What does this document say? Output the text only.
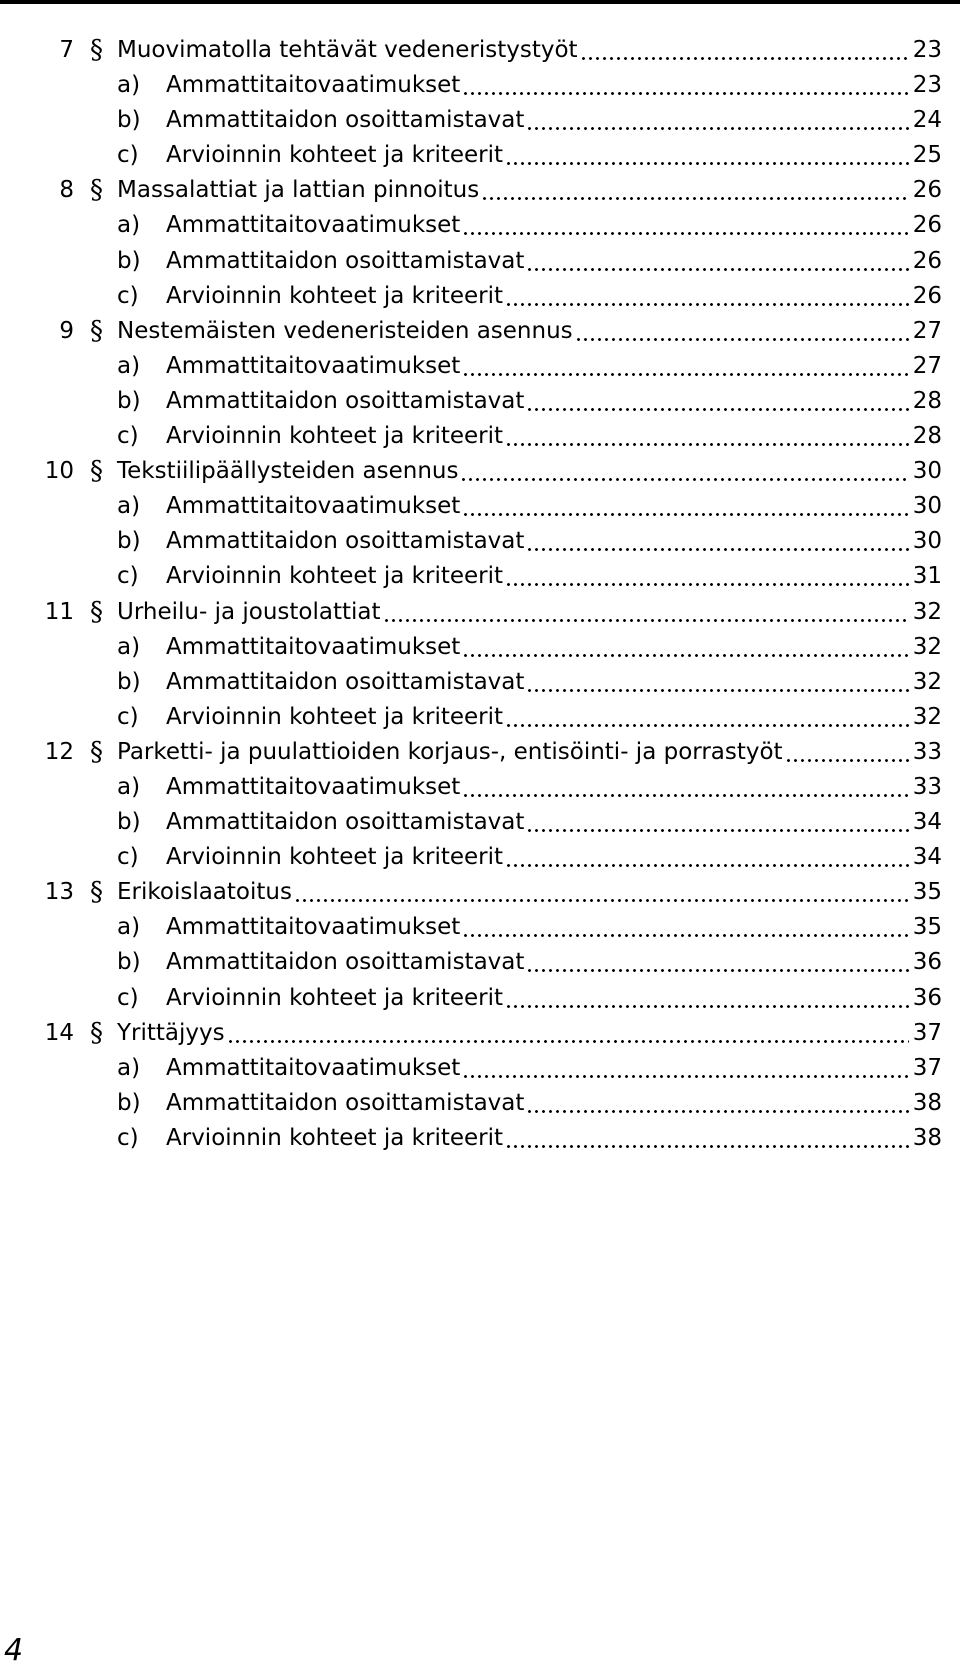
7 § Muovimatolla tehtävät vedeneristystyöt	23
a) Ammattitaitovaatimukset	23
b) Ammattitaidon osoittamistavat	24
c) Arvioinnin kohteet ja kriteerit	25
8 § Massalattiat ja lattian pinnoitus	26
a) Ammattitaitovaatimukset	26
b) Ammattitaidon osoittamistavat	26
c) Arvioinnin kohteet ja kriteerit	26
9 § Nestemäisten vedeneristeiden asennus	27
a) Ammattitaitovaatimukset	27
b) Ammattitaidon osoittamistavat	28
c) Arvioinnin kohteet ja kriteerit	28
10 § Tekstiilipäällysteiden asennus	30
a) Ammattitaitovaatimukset	30
b) Ammattitaidon osoittamistavat	30
c) Arvioinnin kohteet ja kriteerit	31
11 § Urheilu- ja joustolattiat	32
a) Ammattitaitovaatimukset	32
b) Ammattitaidon osoittamistavat	32
c) Arvioinnin kohteet ja kriteerit	32
12 § Parketti- ja puulattioiden korjaus-, entisöinti- ja porrastyöt	33
a) Ammattitaitovaatimukset	33
b) Ammattitaidon osoittamistavat	34
c) Arvioinnin kohteet ja kriteerit	34
13 § Erikoislaatoitus	35
a) Ammattitaitovaatimukset	35
b) Ammattitaidon osoittamistavat	36
c) Arvioinnin kohteet ja kriteerit	36
14 § Yrittäjyys	37
a) Ammattitaitovaatimukset	37
b) Ammattitaidon osoittamistavat	38
c) Arvioinnin kohteet ja kriteerit	38
4
